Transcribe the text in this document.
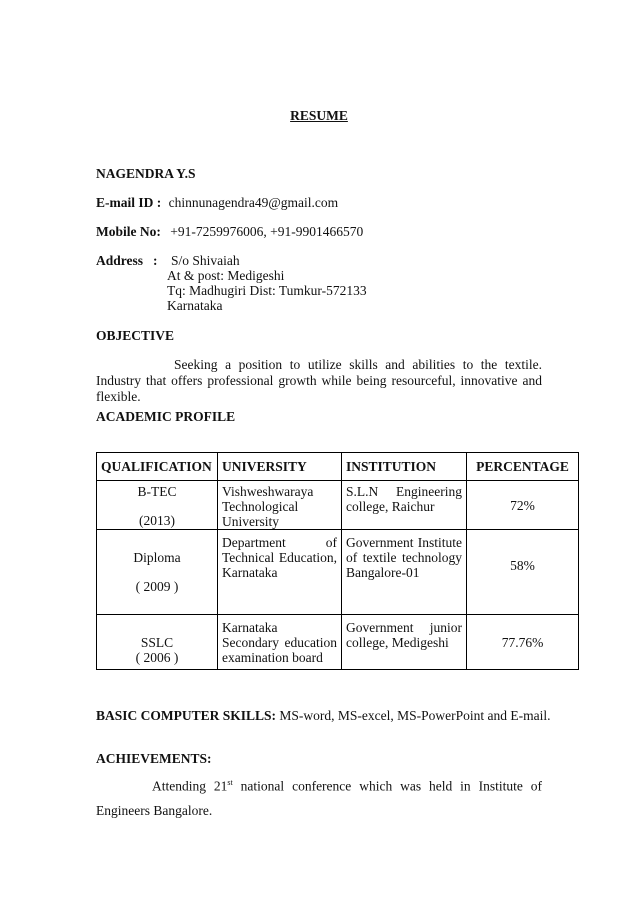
RESUME
NAGENDRA Y.S
E-mail ID : chinnunagendra49@gmail.com
Mobile No: +91-7259976006, +91-9901466570
Address : S/o Shivaiah
At & post: Medigeshi
Tq: Madhugiri Dist: Tumkur-572133
Karnataka
OBJECTIVE
Seeking a position to utilize skills and abilities to the textile. Industry that offers professional growth while being resourceful, innovative and flexible.
ACADEMIC PROFILE
QUALIFICATION	UNIVERSITY	INSTITUTION	PERCENTAGE

B-TEC
(2013)	Vishweshwaraya Technological University	S.L.N Engineering college, Raichur	72%

Diploma
( 2009 )	Department of Technical Education, Karnataka	Government Institute of textile technology Bangalore-01	58%

SSLC
( 2006 )	Karnataka Secondary education examination board	Government junior college, Medigeshi	77.76%
BASIC COMPUTER SKILLS: MS-word, MS-excel, MS-PowerPoint and E-mail.
ACHIEVEMENTS:
Attending 21st national conference which was held in Institute of Engineers Bangalore.
